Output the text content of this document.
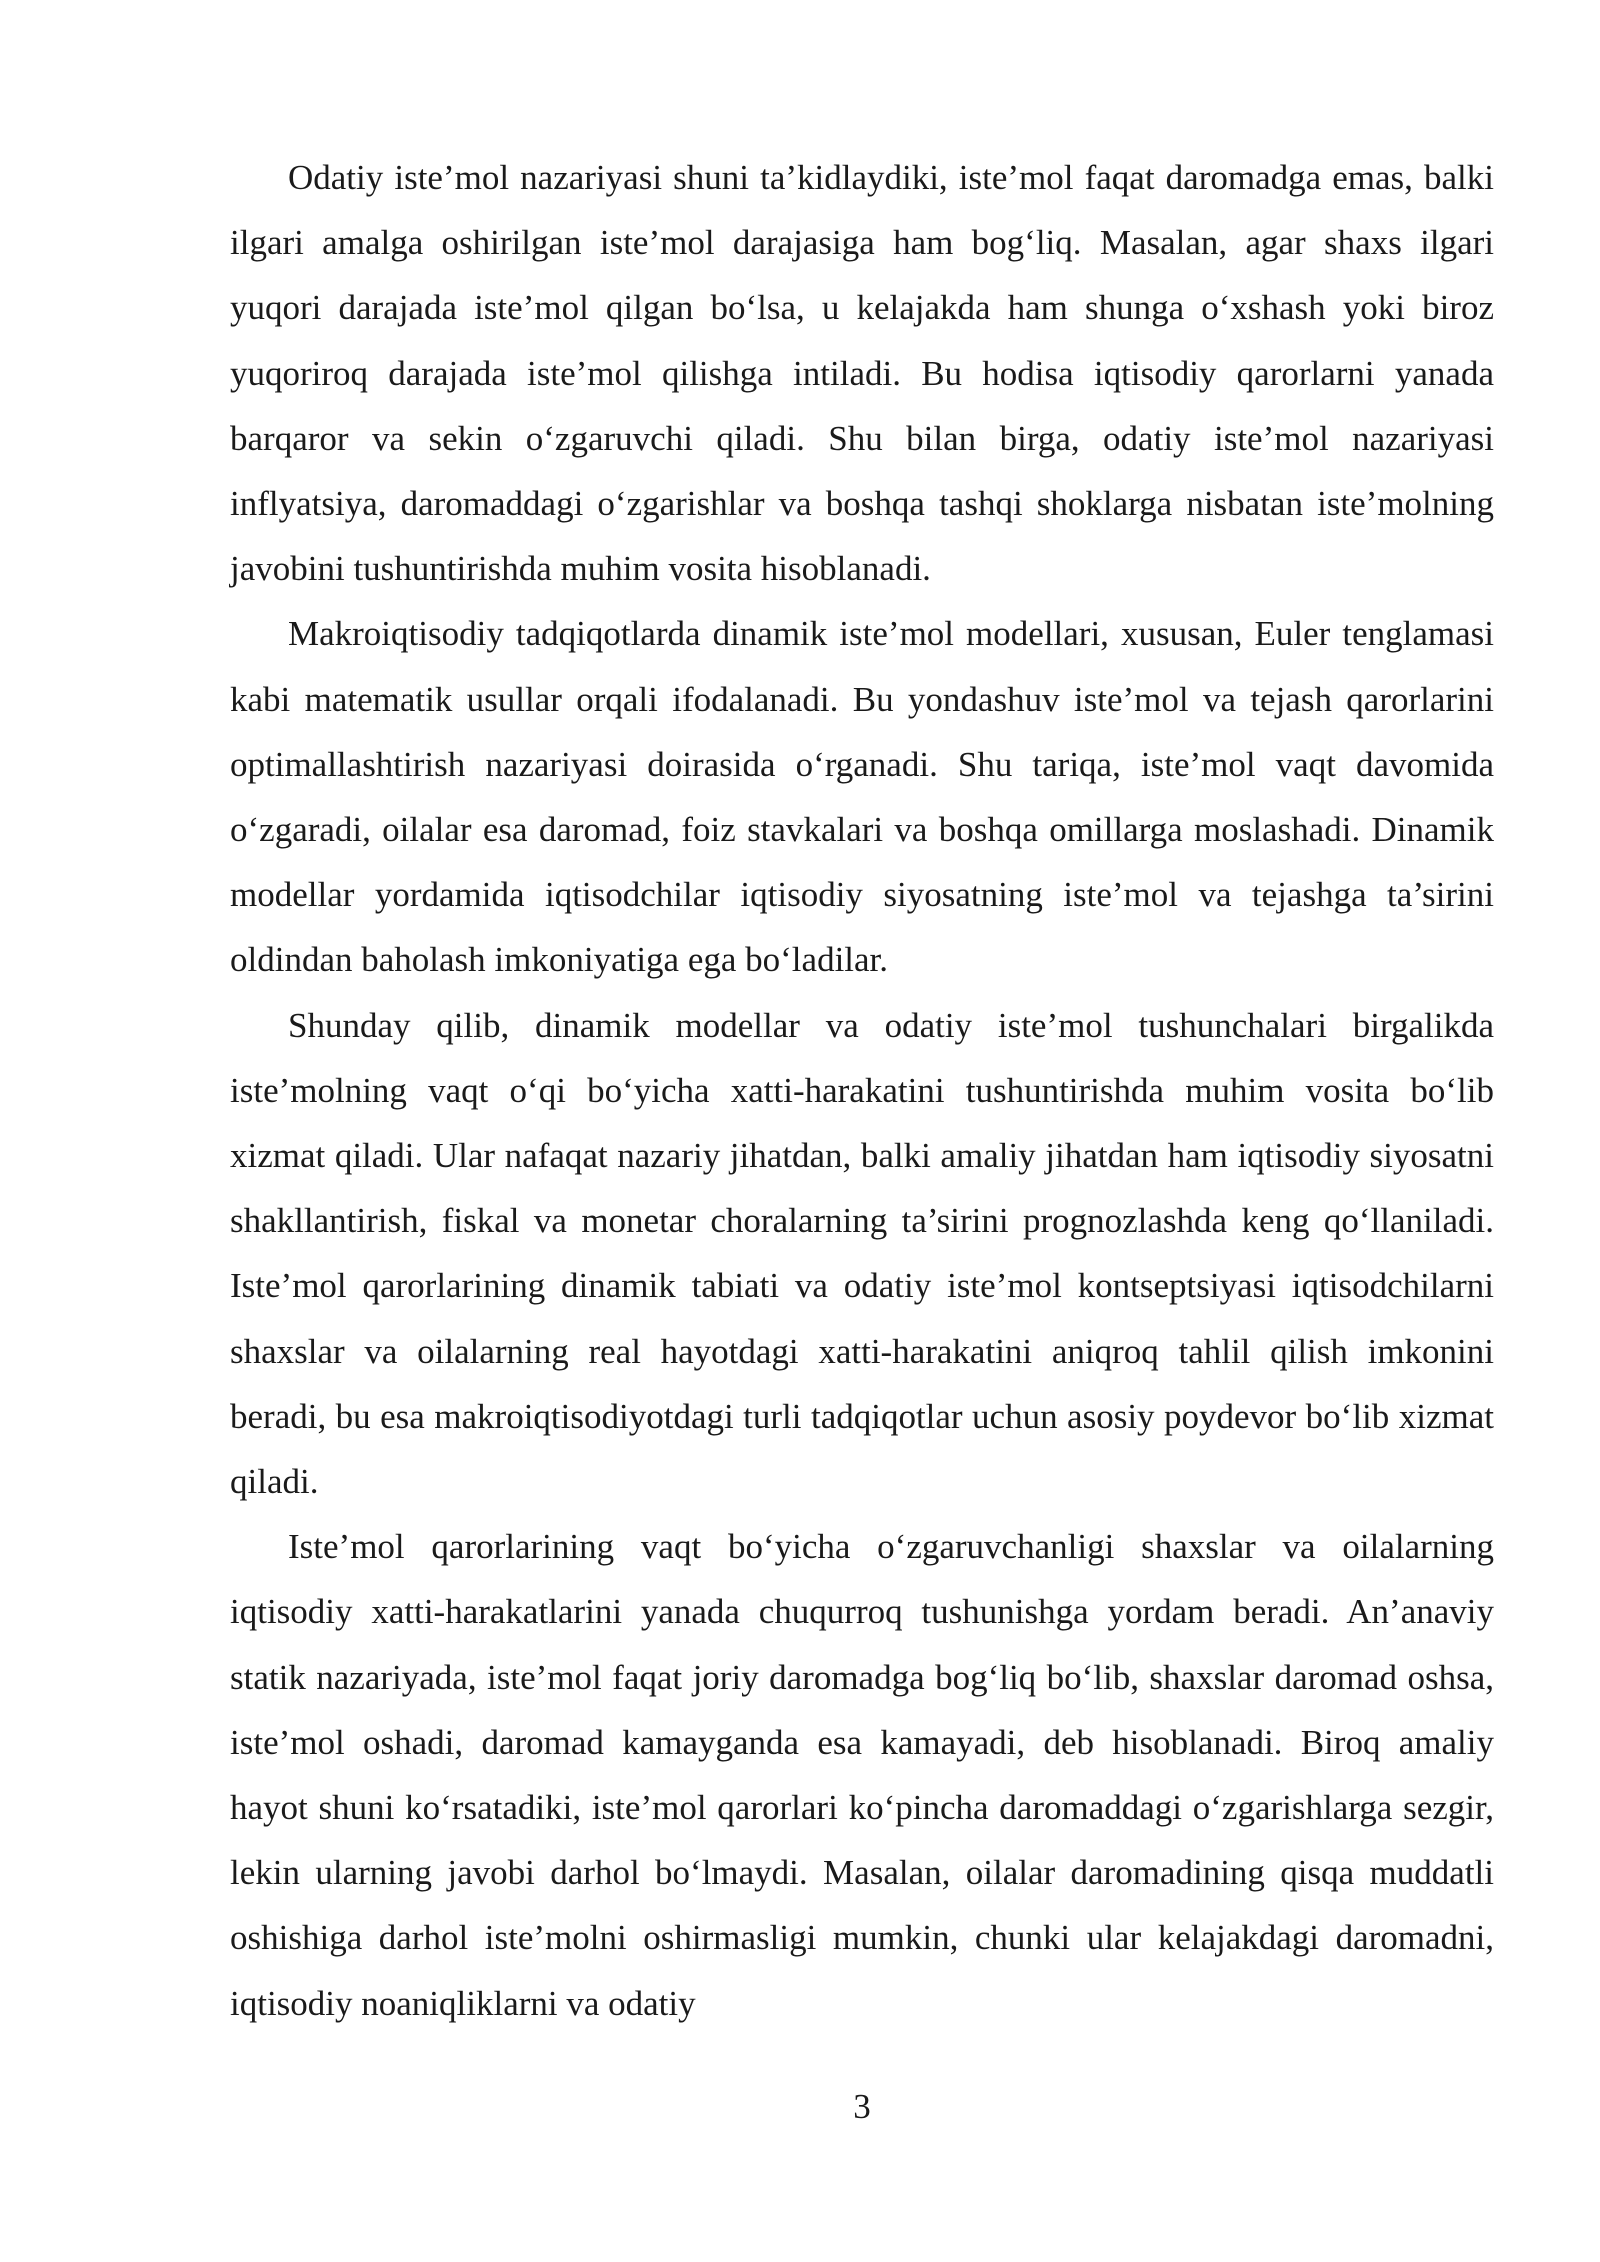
Odatiy iste’mol nazariyasi shuni ta’kidlaydiki, iste’mol faqat daromadga emas, balki ilgari amalga oshirilgan iste’mol darajasiga ham bog‘liq. Masalan, agar shaxs ilgari yuqori darajada iste’mol qilgan bo‘lsa, u kelajakda ham shunga o‘xshash yoki biroz yuqoriroq darajada iste’mol qilishga intiladi. Bu hodisa iqtisodiy qarorlarni yanada barqaror va sekin o‘zgaruvchi qiladi. Shu bilan birga, odatiy iste’mol nazariyasi inflyatsiya, daromaddagi o‘zgarishlar va boshqa tashqi shoklarga nisbatan iste’molning javobini tushuntirishda muhim vosita hisoblanadi.

Makroiqtisodiy tadqiqotlarda dinamik iste’mol modellari, xususan, Euler tenglamasi kabi matematik usullar orqali ifodalanadi. Bu yondashuv iste’mol va tejash qarorlarini optimallashtirish nazariyasi doirasida o‘rganadi. Shu tariqa, iste’mol vaqt davomida o‘zgaradi, oilalar esa daromad, foiz stavkalari va boshqa omillarga moslashadi. Dinamik modellar yordamida iqtisodchilar iqtisodiy siyosatning iste’mol va tejashga ta’sirini oldindan baholash imkoniyatiga ega bo‘ladilar.

Shunday qilib, dinamik modellar va odatiy iste’mol tushunchalari birgalikda iste’molning vaqt o‘qi bo‘yicha xatti-harakatini tushuntirishda muhim vosita bo‘lib xizmat qiladi. Ular nafaqat nazariy jihatdan, balki amaliy jihatdan ham iqtisodiy siyosatni shakllantirish, fiskal va monetar choralarning ta’sirini prognozlashda keng qo‘llaniladi. Iste’mol qarorlarining dinamik tabiati va odatiy iste’mol kontseptsiyasi iqtisodchilarni shaxslar va oilalarning real hayotdagi xatti-harakatini aniqroq tahlil qilish imkonini beradi, bu esa makroiqtisodiyotdagi turli tadqiqotlar uchun asosiy poydevor bo‘lib xizmat qiladi.

Iste’mol qarorlarining vaqt bo‘yicha o‘zgaruvchanligi shaxslar va oilalarning iqtisodiy xatti-harakatlarini yanada chuqurroq tushunishga yordam beradi. An’anaviy statik nazariyada, iste’mol faqat joriy daromadga bog‘liq bo‘lib, shaxslar daromad oshsa, iste’mol oshadi, daromad kamayganda esa kamayadi, deb hisoblanadi. Biroq amaliy hayot shuni ko‘rsatadiki, iste’mol qarorlari ko‘pincha daromaddagi o‘zgarishlarga sezgir, lekin ularning javobi darhol bo‘lmaydi. Masalan, oilalar daromadining qisqa muddatli oshishiga darhol iste’molni oshirmasligi mumkin, chunki ular kelajakdagi daromadni, iqtisodiy noaniqliklarni va odatiy

3
